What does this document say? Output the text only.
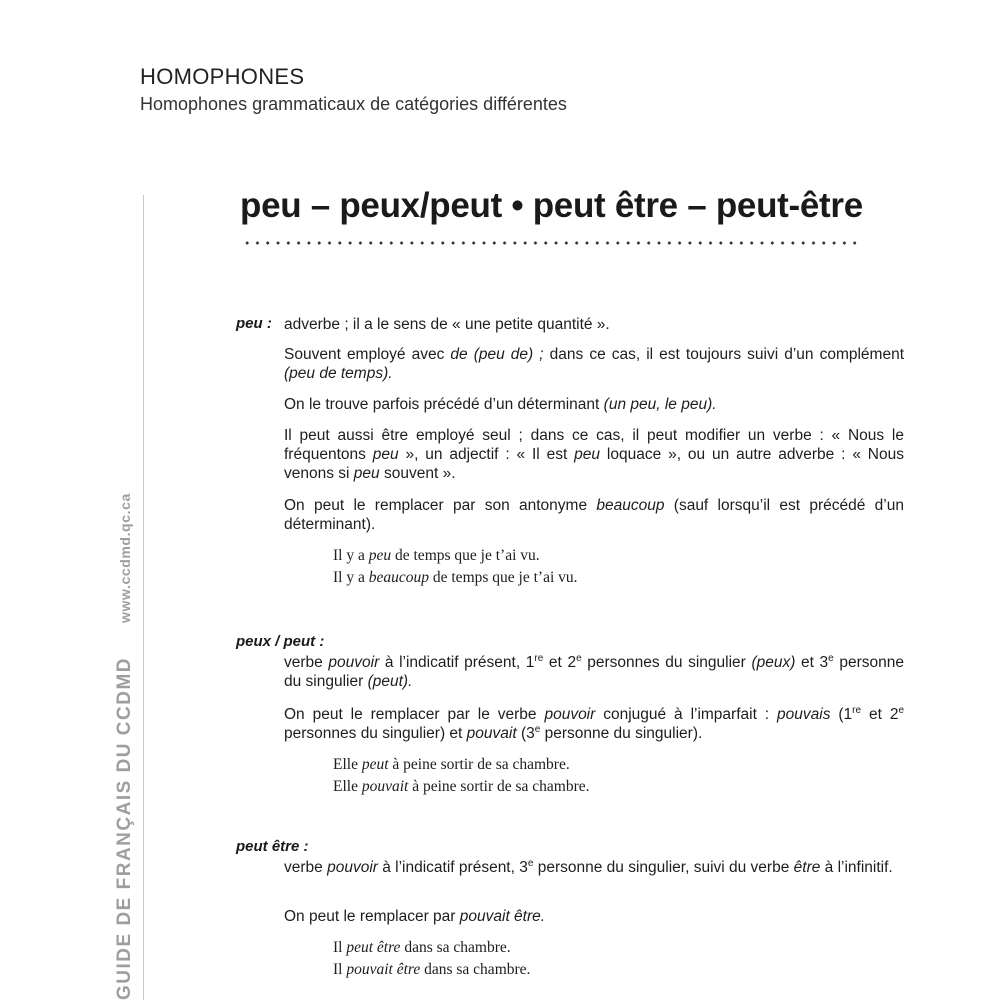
HOMOPHONES
Homophones grammaticaux de catégories différentes
GUIDE DE FRANÇAIS DU CCDMDwww.ccdmd.qc.ca
peu – peux/peut • peut être – peut-être
peu : adverbe ; il a le sens de « une petite quantité ».

Souvent employé avec de (peu de) ; dans ce cas, il est toujours suivi d’un complément (peu de temps).

On le trouve parfois précédé d’un déterminant (un peu, le peu).

Il peut aussi être employé seul ; dans ce cas, il peut modifier un verbe : « Nous le fréquentons peu », un adjectif : « Il est peu loquace », ou un autre adverbe : « Nous venons si peu souvent ».

On peut le remplacer par son antonyme beaucoup (sauf lorsqu’il est précédé d’un déterminant).

Il y a peu de temps que je t’ai vu.
Il y a beaucoup de temps que je t’ai vu.
peux / peut :

verbe pouvoir à l’indicatif présent, 1re et 2e personnes du singulier (peux) et 3e personne du singulier (peut).

On peut le remplacer par le verbe pouvoir conjugué à l’imparfait : pouvais (1re et 2e personnes du singulier) et pouvait (3e personne du singulier).

Elle peut à peine sortir de sa chambre.
Elle pouvait à peine sortir de sa chambre.
peut être :

verbe pouvoir à l’indicatif présent, 3e personne du singulier, suivi du verbe être à l’infinitif.

On peut le remplacer par pouvait être.

Il peut être dans sa chambre.
Il pouvait être dans sa chambre.
